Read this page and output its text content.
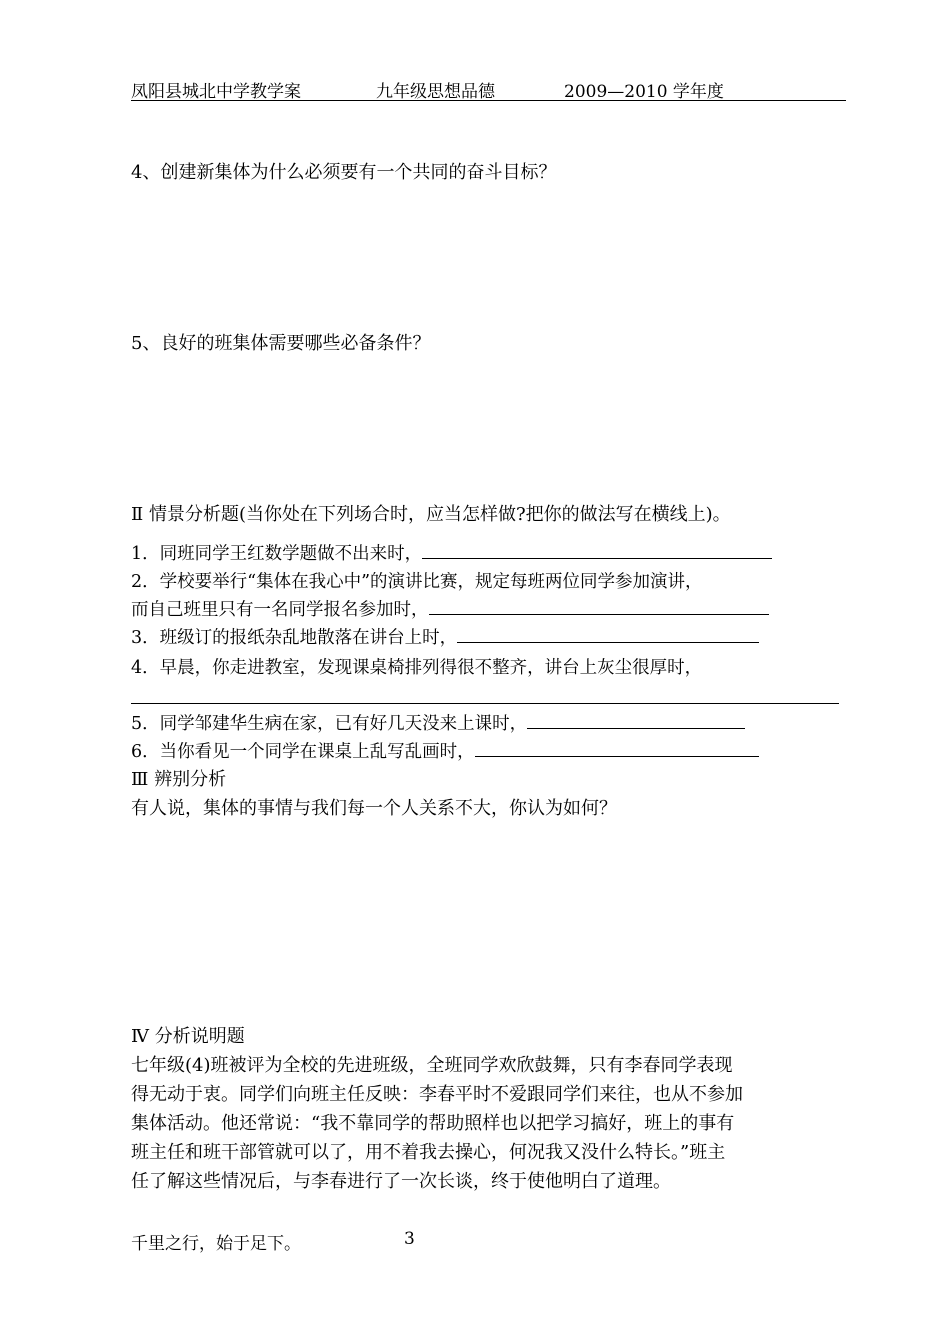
凤阳县城北中学教学案	九年级思想品德	2009—2010 学年度
4、创建新集体为什么必须要有一个共同的奋斗目标？
5、良好的班集体需要哪些必备条件？
Ⅱ 情景分析题(当你处在下列场合时，应当怎样做?把你的做法写在横线上)。
1．同班同学王红数学题做不出来时，
2．学校要举行“集体在我心中”的演讲比赛，规定每班两位同学参加演讲，
而自己班里只有一名同学报名参加时，
3．班级订的报纸杂乱地散落在讲台上时，
4．早晨，你走进教室，发现课桌椅排列得很不整齐，讲台上灰尘很厚时，
5．同学邹建华生病在家，已有好几天没来上课时，
6．当你看见一个同学在课桌上乱写乱画时，
Ⅲ 辨别分析
有人说，集体的事情与我们每一个人关系不大，你认为如何？
Ⅳ 分析说明题
七年级(4)班被评为全校的先进班级，全班同学欢欣鼓舞，只有李春同学表现
得无动于衷。同学们向班主任反映：李春平时不爱跟同学们来往，也从不参加
集体活动。他还常说：“我不靠同学的帮助照样也以把学习搞好，班上的事有
班主任和班干部管就可以了，用不着我去操心，何况我又没什么特长。”班主
任了解这些情况后，与李春进行了一次长谈，终于使他明白了道理。
千里之行，始于足下。	3
